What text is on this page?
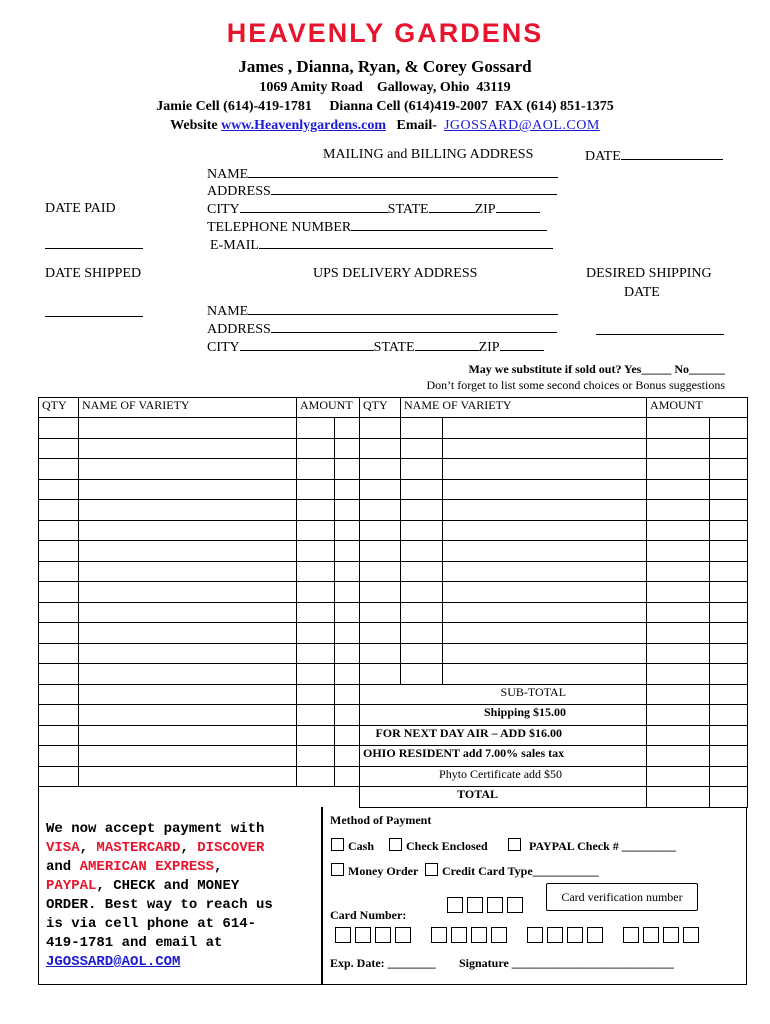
HEAVENLY GARDENS
James , Dianna, Ryan, & Corey Gossard
1069 Amity Road    Galloway, Ohio  43119
Jamie Cell (614)-419-1781     Dianna Cell (614)419-2007  FAX (614) 851-1375
Website www.Heavenlygardens.com Email- JGOSSARD@AOL.COM
MAILING and BILLING ADDRESS	DATE
NAME
ADDRESS
CITY	STATE	ZIP
TELEPHONE NUMBER
E-MAIL
DATE PAID
DATE SHIPPED	UPS DELIVERY ADDRESS	DESIRED SHIPPING
DATE
NAME
ADDRESS
CITY	STATE	ZIP
May we substitute if sold out? Yes_____ No______
Don’t forget to list some second choices or Bonus suggestions
QTY	NAME OF VARIETY	AMOUNT		QTY	NAME OF VARIETY		AMOUNT	

				SUB-TOTAL				
				Shipping $15.00				
				FOR NEXT DAY AIR – ADD $16.00				
				OHIO RESIDENT add 7.00% sales tax				
				Phyto Certificate add $50				
				TOTAL				
We now accept payment with
VISA, MASTERCARD, DISCOVER
and AMERICAN EXPRESS,
PAYPAL, CHECK and MONEY
ORDER. Best way to reach us
is via cell phone at 614-
419-1781 and email at
JGOSSARD@AOL.COM
Method of Payment
Cash	Check Enclosed	PAYPAL Check # _________
Money Order	Credit Card Type___________
Card verification number
Card Number:

Exp. Date: ________ Signature ___________________________
